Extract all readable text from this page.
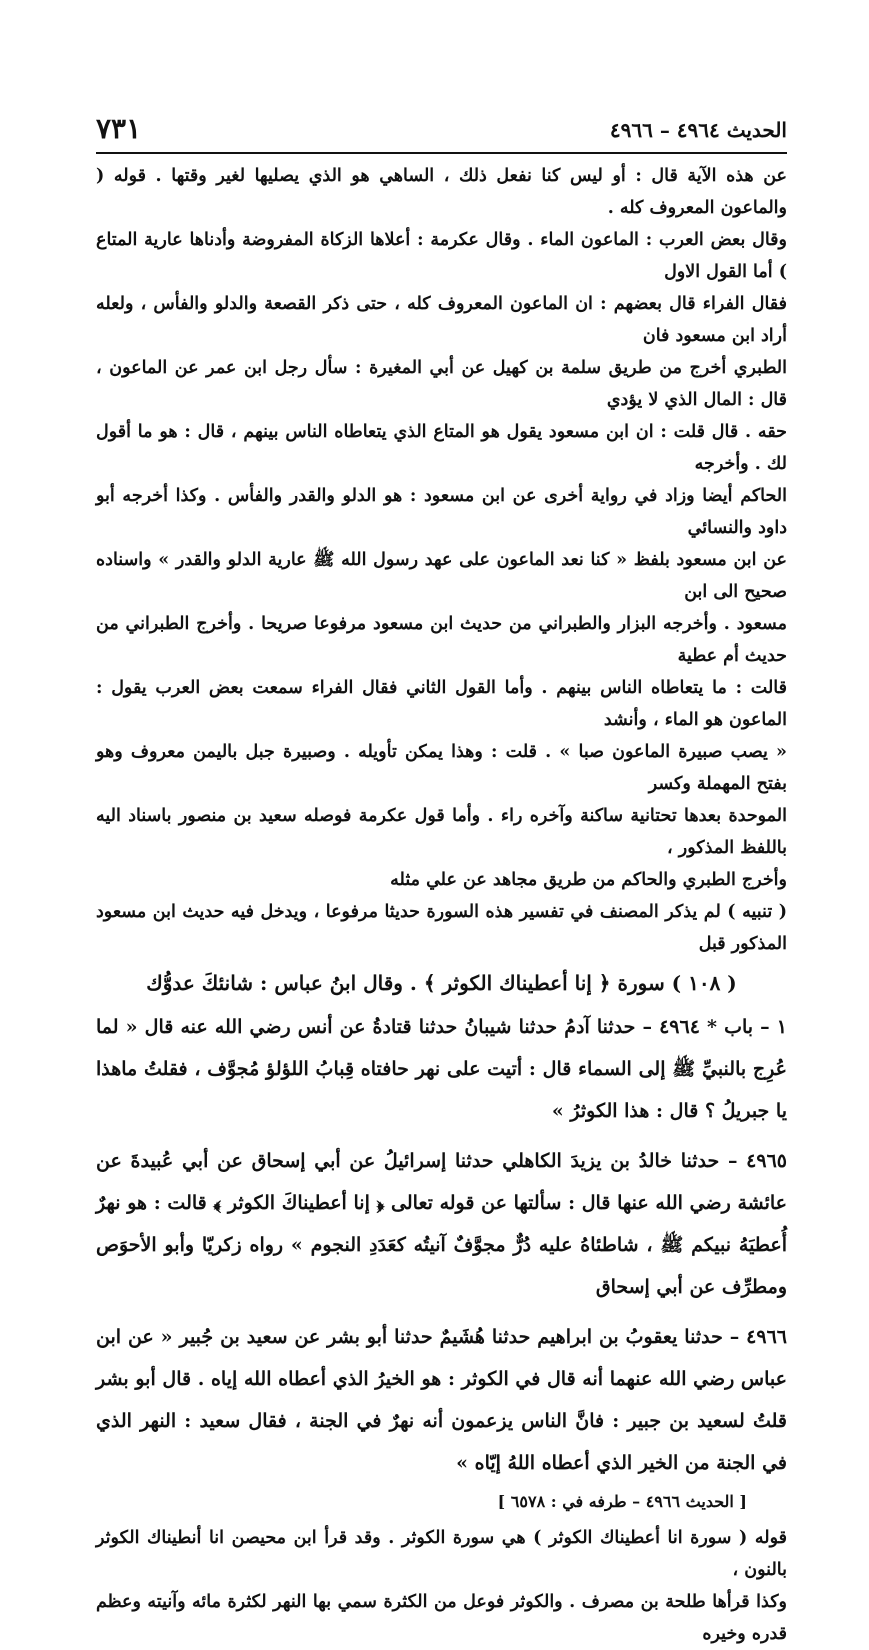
الحديث ٤٩٦٤ – ٤٩٦٦
٧٣١

عن هذه الآية قال : أو ليس كنا نفعل ذلك ، الساهي هو الذي يصليها لغير وقتها . قوله ( والماعون المعروف كله .

وقال بعض العرب : الماعون الماء . وقال عكرمة : أعلاها الزكاة المفروضة وأدناها عارية المتاع ) أما القول الاول

فقال الفراء قال بعضهم : ان الماعون المعروف كله ، حتى ذكر القصعة والدلو والفأس ، ولعله أراد ابن مسعود فان

الطبري أخرج من طريق سلمة بن كهيل عن أبي المغيرة : سأل رجل ابن عمر عن الماعون ، قال : المال الذي لا يؤدي

حقه . قال قلت : ان ابن مسعود يقول هو المتاع الذي يتعاطاه الناس بينهم ، قال : هو ما أقول لك . وأخرجه

الحاكم أيضا وزاد في رواية أخرى عن ابن مسعود : هو الدلو والقدر والفأس . وكذا أخرجه أبو داود والنسائي

عن ابن مسعود بلفظ « كنا نعد الماعون على عهد رسول الله ﷺ عارية الدلو والقدر » واسناده صحيح الى ابن

مسعود . وأخرجه البزار والطبراني من حديث ابن مسعود مرفوعا صريحا . وأخرج الطبراني من حديث أم عطية

قالت : ما يتعاطاه الناس بينهم . وأما القول الثاني فقال الفراء سمعت بعض العرب يقول : الماعون هو الماء ، وأنشد

« يصب صبيرة الماعون صبا » . قلت : وهذا يمكن تأويله . وصبيرة جبل باليمن معروف وهو بفتح المهملة وكسر

الموحدة بعدها تحتانية ساكنة وآخره راء . وأما قول عكرمة فوصله سعيد بن منصور باسناد اليه باللفظ المذكور ،

وأخرج الطبري والحاكم من طريق مجاهد عن علي مثله

( تنبيه ) لم يذكر المصنف في تفسير هذه السورة حديثا مرفوعا ، ويدخل فيه حديث ابن مسعود المذكور قبل

( ١٠٨ ) سورة ﴿ إنا أعطيناك الكوثر ﴾ . وقال ابنُ عباس : شانئكَ عدوُّك

١ – باب * ٤٩٦٤ – حدثنا آدمُ حدثنا شيبانُ حدثنا قتادةُ عن أنس رضي الله عنه قال « لما عُرِج بالنبيِّ ﷺ إلى السماء قال : أتيت على نهر حافتاه قِبابُ اللؤلؤ مُجوَّف ، فقلتُ ماهذا يا جبريلُ ؟ قال : هذا الكوثرُ »

٤٩٦٥ – حدثنا خالدُ بن يزيدَ الكاهلي حدثنا إسرائيلُ عن أبي إسحاق عن أبي عُبيدةَ عن عائشة رضي الله عنها قال : سألتها عن قوله تعالى ﴿ إنا أعطيناكَ الكوثر ﴾ قالت : هو نهرٌ أُعطيَهُ نبيكم ﷺ ، شاطئاهُ عليه دُرٌّ مجوَّفٌ آنيتُه كعَدَدِ النجوم » رواه زكريّا وأبو الأحوَص ومطرِّف عن أبي إسحاق

٤٩٦٦ – حدثنا يعقوبُ بن ابراهيم حدثنا هُشَيمٌ حدثنا أبو بشر عن سعيد بن جُبير « عن ابن عباس رضي الله عنهما أنه قال في الكوثر : هو الخيرُ الذي أعطاه الله إياه . قال أبو بشر قلتُ لسعيد بن جبير : فانَّ الناس يزعمون أنه نهرٌ في الجنة ، فقال سعيد : النهر الذي في الجنة من الخير الذي أعطاه اللهُ إيّاه »

[ الحديث ٤٩٦٦ – طرفه في : ٦٥٧٨ ]

قوله ( سورة انا أعطيناك الكوثر ) هي سورة الكوثر . وقد قرأ ابن محيصن انا أنطيناك الكوثر بالنون ،

وكذا قرأها طلحة بن مصرف . والكوثر فوعل من الكثرة سمي بها النهر لكثرة مائه وآنيته وعظم قدره وخيره
